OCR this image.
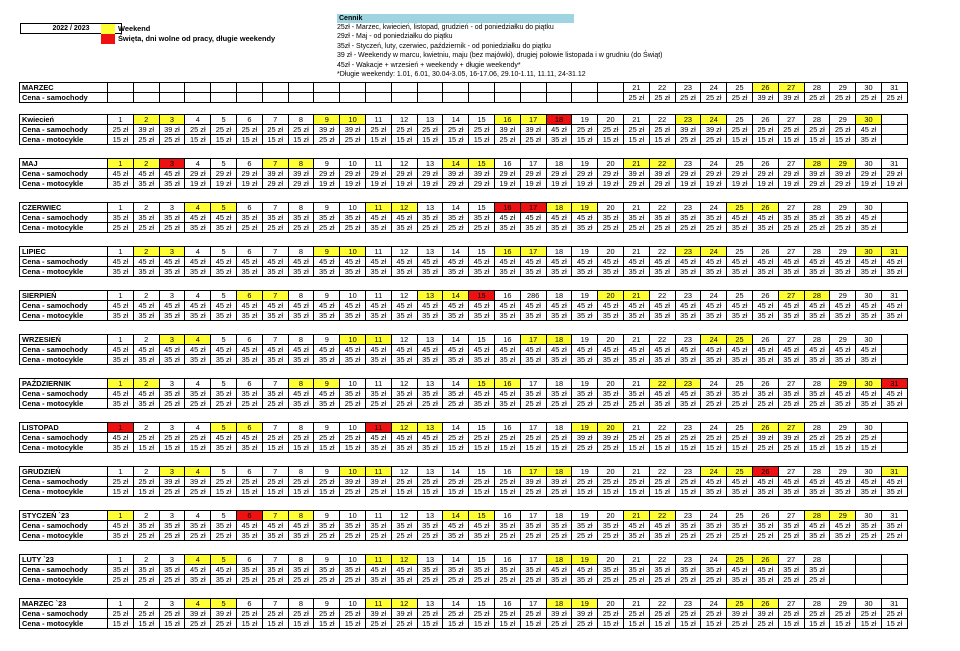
2022 / 2023	Weekend
Święta, dni wolne od pracy, długie weekendy
Cennik
25zł - Marzec, kwiecień, listopad, grudzień - od poniedziałku do piątku
29zł - Maj - od poniedziałku do piątku
35zł - Styczeń, luty, czerwiec, październik - od poniedziałku do piątku
39 zł - Weekendy w marcu, kwietniu, maju (bez majówki), drugiej połowie listopada i w grudniu (do Świąt)
45zł - Wakacje + wrzesień + weekendy + długie weekendy*
*Długie weekendy: 1.01, 6.01, 30.04-3.05, 16-17.06, 29.10-1.11, 11.11, 24-31.12
MARZEC																					21	22	23	24	25	26	27	28	29	30	31
Cena - samochody																					25 zł	25 zł	25 zł	25 zł	25 zł	39 zł	39 zł	25 zł	25 zł	25 zł	25 zł
Kwiecień	1	2	3	4	5	6	7	8	9	10	11	12	13	14	15	16	17	18	19	20	21	22	23	24	25	26	27	28	29	30	
Cena - samochody	25 zł	39 zł	39 zł	25 zł	25 zł	25 zł	25 zł	25 zł	39 zł	39 zł	25 zł	25 zł	25 zł	25 zł	25 zł	39 zł	39 zł	45 zł	25 zł	25 zł	25 zł	25 zł	39 zł	39 zł	25 zł	25 zł	25 zł	25 zł	25 zł	45 zł	
Cena - motocykle	15 zł	25 zł	25 zł	15 zł	15 zł	15 zł	15 zł	15 zł	25 zł	25 zł	15 zł	15 zł	15 zł	15 zł	15 zł	25 zł	25 zł	35 zł	15 zł	15 zł	15 zł	15 zł	25 zł	25 zł	15 zł	15 zł	15 zł	15 zł	15 zł	35 zł	
MAJ	1	2	3	4	5	6	7	8	9	10	11	12	13	14	15	16	17	18	19	20	21	22	23	24	25	26	27	28	29	30	31
Cena - samochody	45 zł	45 zł	45 zł	29 zł	29 zł	29 zł	39 zł	39 zł	29 zł	29 zł	29 zł	29 zł	29 zł	39 zł	39 zł	29 zł	29 zł	29 zł	29 zł	29 zł	39 zł	39 zł	29 zł	29 zł	29 zł	29 zł	29 zł	39 zł	39 zł	29 zł	29 zł
Cena - motocykle	35 zł	35 zł	35 zł	19 zł	19 zł	19 zł	29 zł	29 zł	19 zł	19 zł	19 zł	19 zł	19 zł	29 zł	29 zł	19 zł	19 zł	19 zł	19 zł	19 zł	29 zł	29 zł	19 zł	19 zł	19 zł	19 zł	19 zł	29 zł	29 zł	19 zł	19 zł
CZERWIEC	1	2	3	4	5	6	7	8	9	10	11	12	13	14	15	16	17	18	19	20	21	22	23	24	25	26	27	28	29	30	
Cena - samochody	35 zł	35 zł	35 zł	45 zł	45 zł	35 zł	35 zł	35 zł	35 zł	35 zł	45 zł	45 zł	35 zł	35 zł	35 zł	45 zł	45 zł	45 zł	45 zł	35 zł	35 zł	35 zł	35 zł	35 zł	45 zł	45 zł	35 zł	35 zł	35 zł	45 zł	
Cena - motocykle	25 zł	25 zł	25 zł	35 zł	35 zł	25 zł	25 zł	25 zł	25 zł	25 zł	35 zł	35 zł	25 zł	25 zł	25 zł	35 zł	35 zł	35 zł	35 zł	25 zł	25 zł	25 zł	25 zł	25 zł	35 zł	35 zł	25 zł	25 zł	25 zł	35 zł	
LIPIEC	1	2	3	4	5	6	7	8	9	10	11	12	13	14	15	16	17	18	19	20	21	22	23	24	25	26	27	28	29	30	31
Cena - samochody	45 zł	45 zł	45 zł	45 zł	45 zł	45 zł	45 zł	45 zł	45 zł	45 zł	45 zł	45 zł	45 zł	45 zł	45 zł	45 zł	45 zł	45 zł	45 zł	45 zł	45 zł	45 zł	45 zł	45 zł	45 zł	45 zł	45 zł	45 zł	45 zł	45 zł	45 zł
Cena - motocykle	35 zł	35 zł	35 zł	35 zł	35 zł	35 zł	35 zł	35 zł	35 zł	35 zł	35 zł	35 zł	35 zł	35 zł	35 zł	35 zł	35 zł	35 zł	35 zł	35 zł	35 zł	35 zł	35 zł	35 zł	35 zł	35 zł	35 zł	35 zł	35 zł	35 zł	35 zł
SIERPIEŃ	1	2	3	4	5	6	7	8	9	10	11	12	13	14	15	16	286	18	19	20	21	22	23	24	25	26	27	28	29	30	31
Cena - samochody	45 zł	45 zł	45 zł	45 zł	45 zł	45 zł	45 zł	45 zł	45 zł	45 zł	45 zł	45 zł	45 zł	45 zł	45 zł	45 zł	45 zł	45 zł	45 zł	45 zł	45 zł	45 zł	45 zł	45 zł	45 zł	45 zł	45 zł	45 zł	45 zł	45 zł	45 zł
Cena - motocykle	35 zł	35 zł	35 zł	35 zł	35 zł	35 zł	35 zł	35 zł	35 zł	35 zł	35 zł	35 zł	35 zł	35 zł	35 zł	35 zł	35 zł	35 zł	35 zł	35 zł	35 zł	35 zł	35 zł	35 zł	35 zł	35 zł	35 zł	35 zł	35 zł	35 zł	35 zł
WRZESIEŃ	1	2	3	4	5	6	7	8	9	10	11	12	13	14	15	16	17	18	19	20	21	22	23	24	25	26	27	28	29	30	
Cena - samochody	45 zł	45 zł	45 zł	45 zł	45 zł	45 zł	45 zł	45 zł	45 zł	45 zł	45 zł	45 zł	45 zł	45 zł	45 zł	45 zł	45 zł	45 zł	45 zł	45 zł	45 zł	45 zł	45 zł	45 zł	45 zł	45 zł	45 zł	45 zł	45 zł	45 zł	
Cena - motocykle	35 zł	35 zł	35 zł	35 zł	35 zł	35 zł	35 zł	35 zł	35 zł	35 zł	35 zł	35 zł	35 zł	35 zł	35 zł	35 zł	35 zł	35 zł	35 zł	35 zł	35 zł	35 zł	35 zł	35 zł	35 zł	35 zł	35 zł	35 zł	35 zł	35 zł	
PAŹDZIERNIK	1	2	3	4	5	6	7	8	9	10	11	12	13	14	15	16	17	18	19	20	21	22	23	24	25	26	27	28	29	30	31
Cena - samochody	45 zł	45 zł	35 zł	35 zł	35 zł	35 zł	35 zł	45 zł	45 zł	35 zł	35 zł	35 zł	35 zł	35 zł	45 zł	45 zł	35 zł	35 zł	35 zł	35 zł	35 zł	45 zł	45 zł	35 zł	35 zł	35 zł	35 zł	35 zł	45 zł	45 zł	45 zł
Cena - motocykle	35 zł	35 zł	25 zł	25 zł	25 zł	25 zł	25 zł	35 zł	35 zł	25 zł	25 zł	25 zł	25 zł	25 zł	35 zł	35 zł	25 zł	25 zł	25 zł	25 zł	25 zł	35 zł	35 zł	25 zł	25 zł	25 zł	25 zł	25 zł	35 zł	35 zł	35 zł
LISTOPAD	1	2	3	4	5	6	7	8	9	10	11	12	13	14	15	16	17	18	19	20	21	22	23	24	25	26	27	28	29	30	
Cena - samochody	45 zł	25 zł	25 zł	25 zł	45 zł	45 zł	25 zł	25 zł	25 zł	25 zł	45 zł	45 zł	45 zł	25 zł	25 zł	25 zł	25 zł	25 zł	39 zł	39 zł	25 zł	25 zł	25 zł	25 zł	25 zł	39 zł	39 zł	25 zł	25 zł	25 zł	
Cena - motocykle	35 zł	15 zł	15 zł	15 zł	35 zł	35 zł	15 zł	15 zł	15 zł	15 zł	35 zł	35 zł	35 zł	15 zł	15 zł	15 zł	15 zł	15 zł	25 zł	25 zł	15 zł	15 zł	15 zł	15 zł	15 zł	25 zł	25 zł	15 zł	15 zł	15 zł	
GRUDZIEŃ	1	2	3	4	5	6	7	8	9	10	11	12	13	14	15	16	17	18	19	20	21	22	23	24	25	26	27	28	29	30	31
Cena - samochody	25 zł	25 zł	39 zł	39 zł	25 zł	25 zł	25 zł	25 zł	25 zł	39 zł	39 zł	25 zł	25 zł	25 zł	25 zł	25 zł	39 zł	39 zł	25 zł	25 zł	25 zł	25 zł	25 zł	45 zł	45 zł	45 zł	45 zł	45 zł	45 zł	45 zł	45 zł
Cena - motocykle	15 zł	15 zł	25 zł	25 zł	15 zł	15 zł	15 zł	15 zł	15 zł	25 zł	25 zł	15 zł	15 zł	15 zł	15 zł	15 zł	25 zł	25 zł	15 zł	15 zł	15 zł	15 zł	15 zł	35 zł	35 zł	35 zł	35 zł	35 zł	35 zł	35 zł	35 zł
STYCZEŃ `23	1	2	3	4	5	6	7	8	9	10	11	12	13	14	15	16	17	18	19	20	21	22	23	24	25	26	27	28	29	30	31
Cena - samochody	45 zł	35 zł	35 zł	35 zł	35 zł	45 zł	45 zł	45 zł	35 zł	35 zł	35 zł	35 zł	35 zł	45 zł	45 zł	35 zł	35 zł	35 zł	35 zł	35 zł	45 zł	45 zł	35 zł	35 zł	35 zł	35 zł	35 zł	45 zł	45 zł	35 zł	35 zł
Cena - motocykle	35 zł	25 zł	25 zł	25 zł	25 zł	35 zł	35 zł	35 zł	25 zł	25 zł	25 zł	25 zł	25 zł	35 zł	35 zł	25 zł	25 zł	25 zł	25 zł	25 zł	35 zł	35 zł	25 zł	25 zł	25 zł	25 zł	25 zł	35 zł	35 zł	25 zł	25 zł
LUTY `23	1	2	3	4	5	6	7	8	9	10	11	12	13	14	15	16	17	18	19	20	21	22	23	24	25	26	27	28			
Cena - samochody	35 zł	35 zł	35 zł	45 zł	45 zł	35 zł	35 zł	35 zł	35 zł	35 zł	45 zł	45 zł	35 zł	35 zł	35 zł	35 zł	35 zł	45 zł	45 zł	35 zł	35 zł	35 zł	35 zł	35 zł	45 zł	45 zł	35 zł	35 zł			
Cena - motocykle	25 zł	25 zł	25 zł	35 zł	35 zł	25 zł	25 zł	25 zł	25 zł	25 zł	35 zł	35 zł	25 zł	25 zł	25 zł	25 zł	25 zł	35 zł	35 zł	25 zł	25 zł	25 zł	25 zł	25 zł	35 zł	35 zł	25 zł	25 zł			
MARZEC `23	1	2	3	4	5	6	7	8	9	10	11	12	13	14	15	16	17	18	19	20	21	22	23	24	25	26	27	28	29	30	31
Cena - samochody	25 zł	25 zł	25 zł	39 zł	39 zł	25 zł	25 zł	25 zł	25 zł	25 zł	39 zł	39 zł	25 zł	25 zł	25 zł	25 zł	25 zł	39 zł	39 zł	25 zł	25 zł	25 zł	25 zł	25 zł	39 zł	39 zł	25 zł	25 zł	25 zł	25 zł	25 zł
Cena - motocykle	15 zł	15 zł	15 zł	25 zł	25 zł	15 zł	15 zł	15 zł	15 zł	15 zł	25 zł	25 zł	15 zł	15 zł	15 zł	15 zł	15 zł	25 zł	25 zł	15 zł	15 zł	15 zł	15 zł	15 zł	25 zł	25 zł	15 zł	15 zł	15 zł	15 zł	15 zł
